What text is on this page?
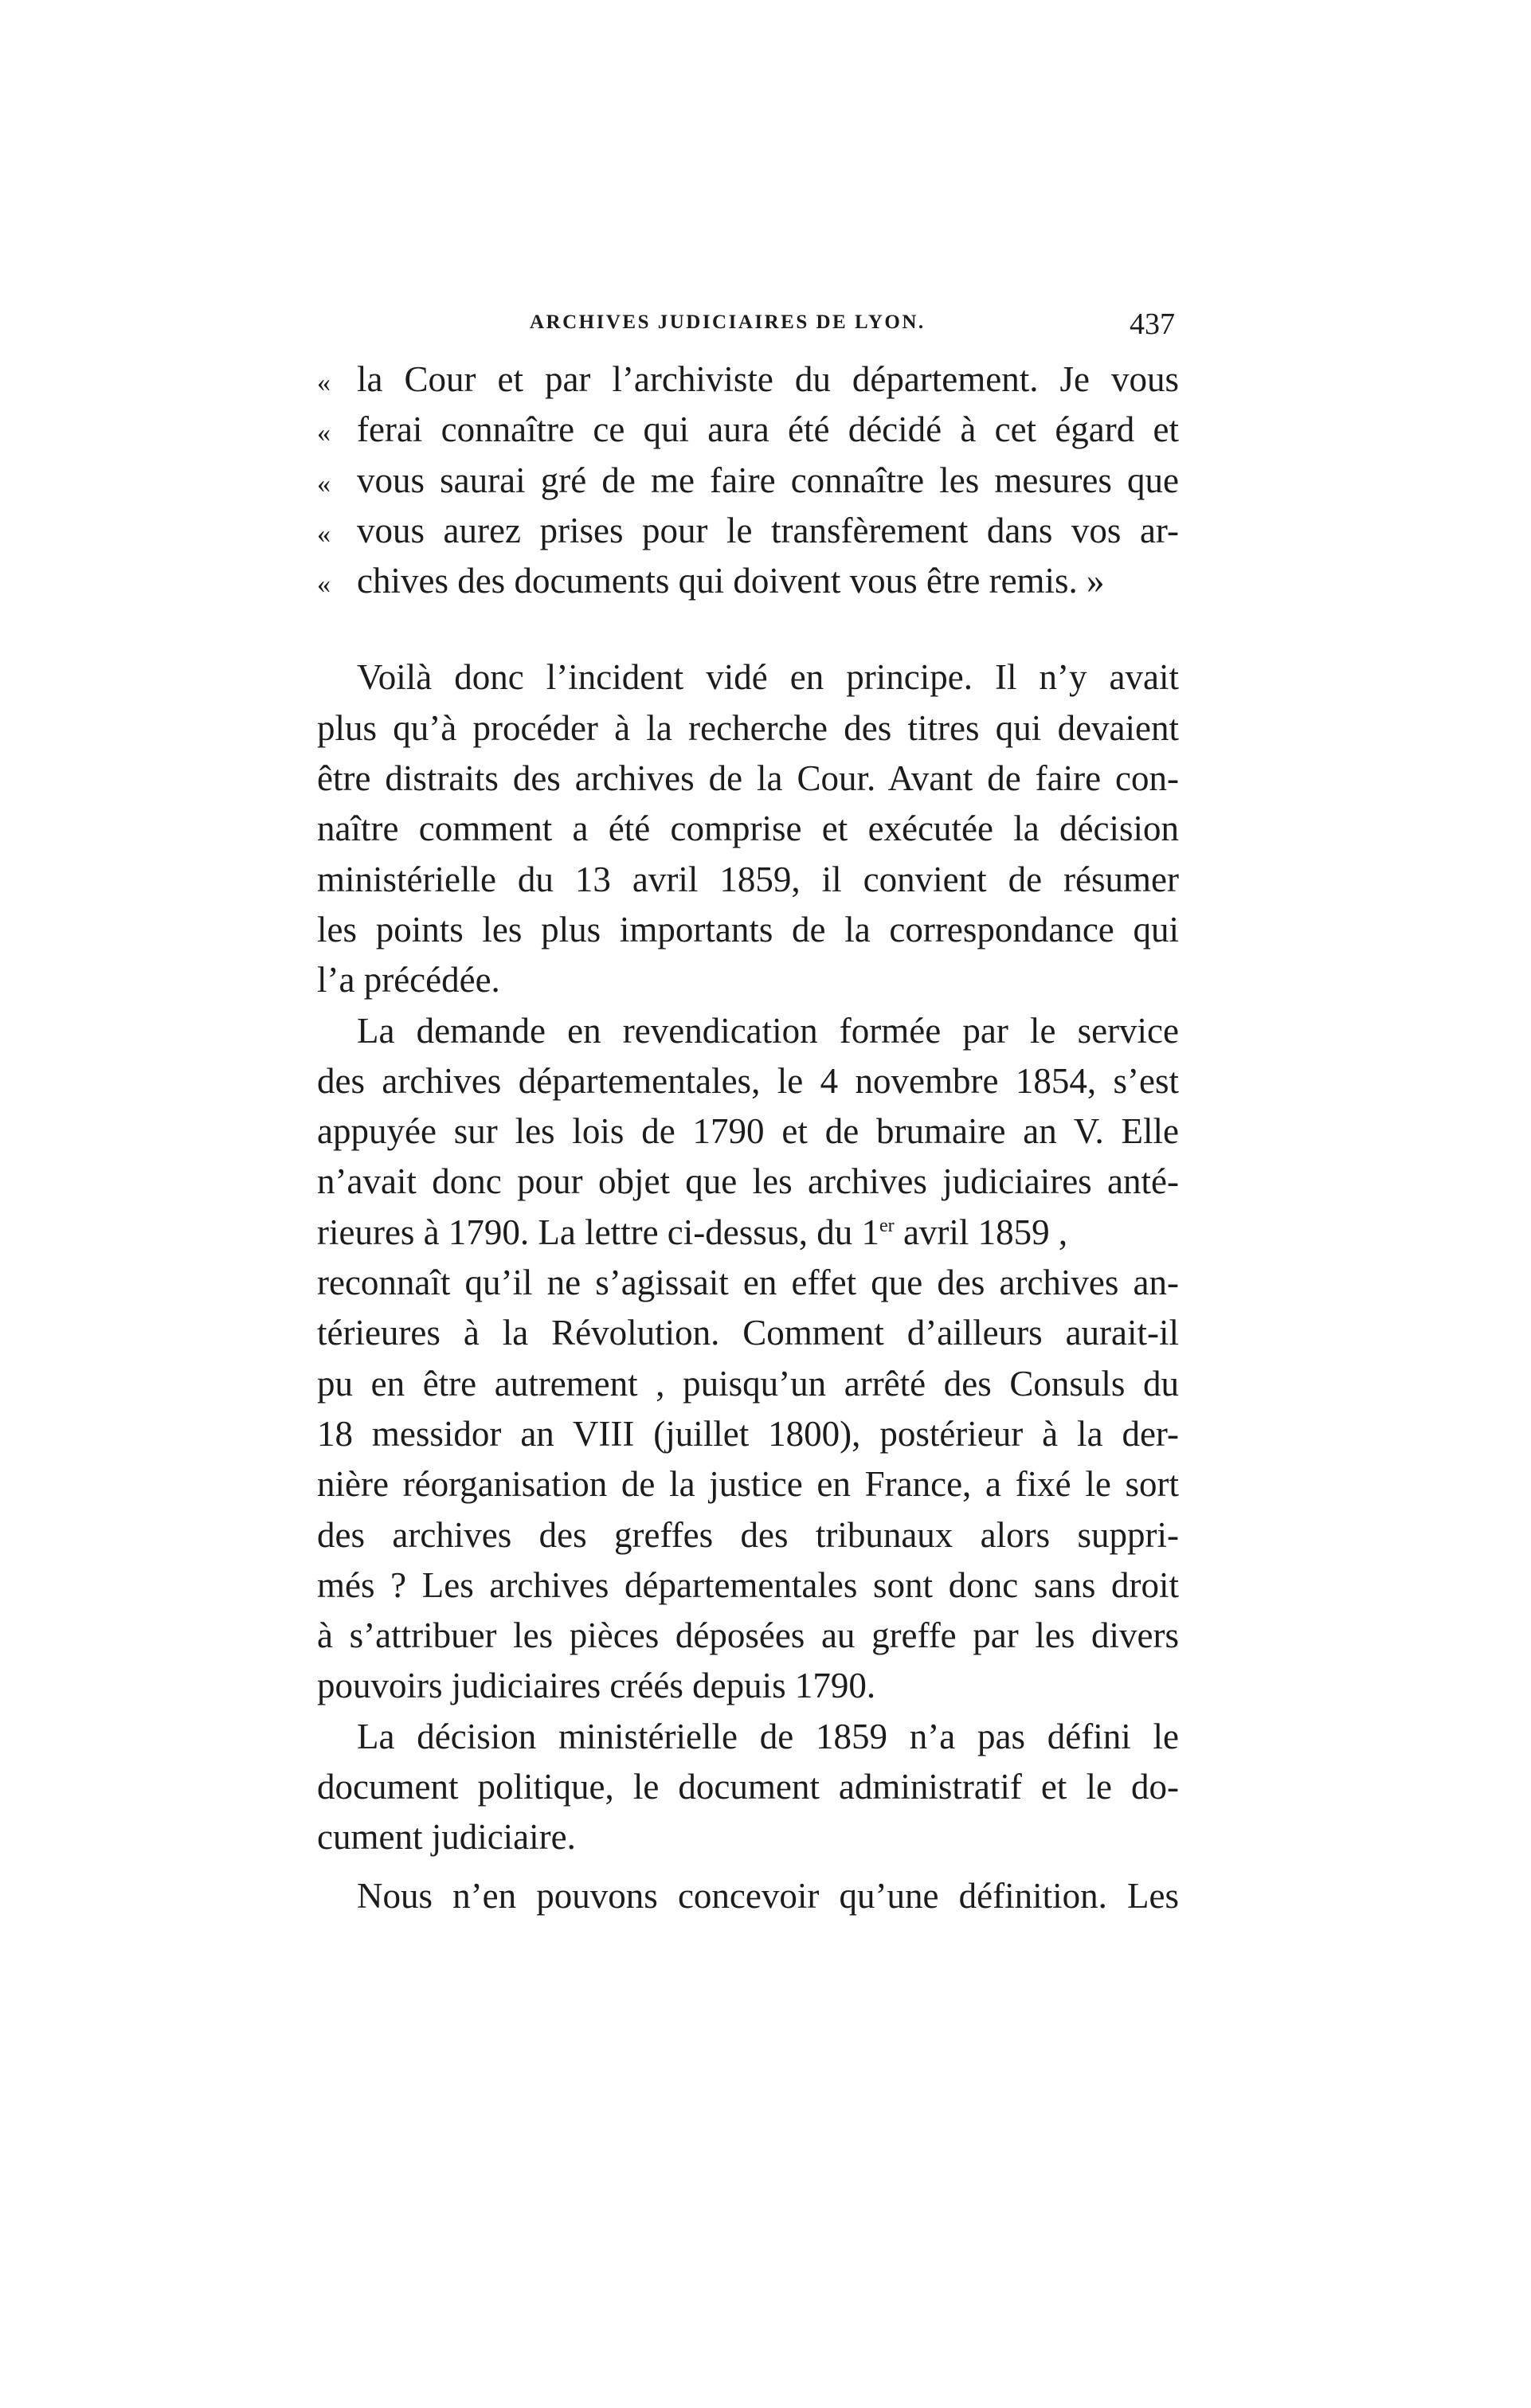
ARCHIVES JUDICIAIRES DE LYON.	437
« la Cour et par l’archiviste du département. Je vous
« ferai connaître ce qui aura été décidé à cet égard et
« vous saurai gré de me faire connaître les mesures que
« vous aurez prises pour le transfèrement dans vos ar-
« chives des documents qui doivent vous être remis. »
Voilà donc l’incident vidé en principe. Il n’y avait
plus qu’à procéder à la recherche des titres qui devaient
être distraits des archives de la Cour. Avant de faire con-
naître comment a été comprise et exécutée la décision
ministérielle du 13 avril 1859, il convient de résumer
les points les plus importants de la correspondance qui
l’a précédée.
La demande en revendication formée par le service
des archives départementales, le 4 novembre 1854, s’est
appuyée sur les lois de 1790 et de brumaire an V. Elle
n’avait donc pour objet que les archives judiciaires anté-
rieures à 1790. La lettre ci-dessus, du 1er avril 1859 ,
reconnaît qu’il ne s’agissait en effet que des archives an-
térieures à la Révolution. Comment d’ailleurs aurait-il
pu en être autrement , puisqu’un arrêté des Consuls du
18 messidor an VIII (juillet 1800), postérieur à la der-
nière réorganisation de la justice en France, a fixé le sort
des archives des greffes des tribunaux alors suppri-
més ? Les archives départementales sont donc sans droit
à s’attribuer les pièces déposées au greffe par les divers
pouvoirs judiciaires créés depuis 1790.
La décision ministérielle de 1859 n’a pas défini le
document politique, le document administratif et le do-
cument judiciaire.
Nous n’en pouvons concevoir qu’une définition. Les
